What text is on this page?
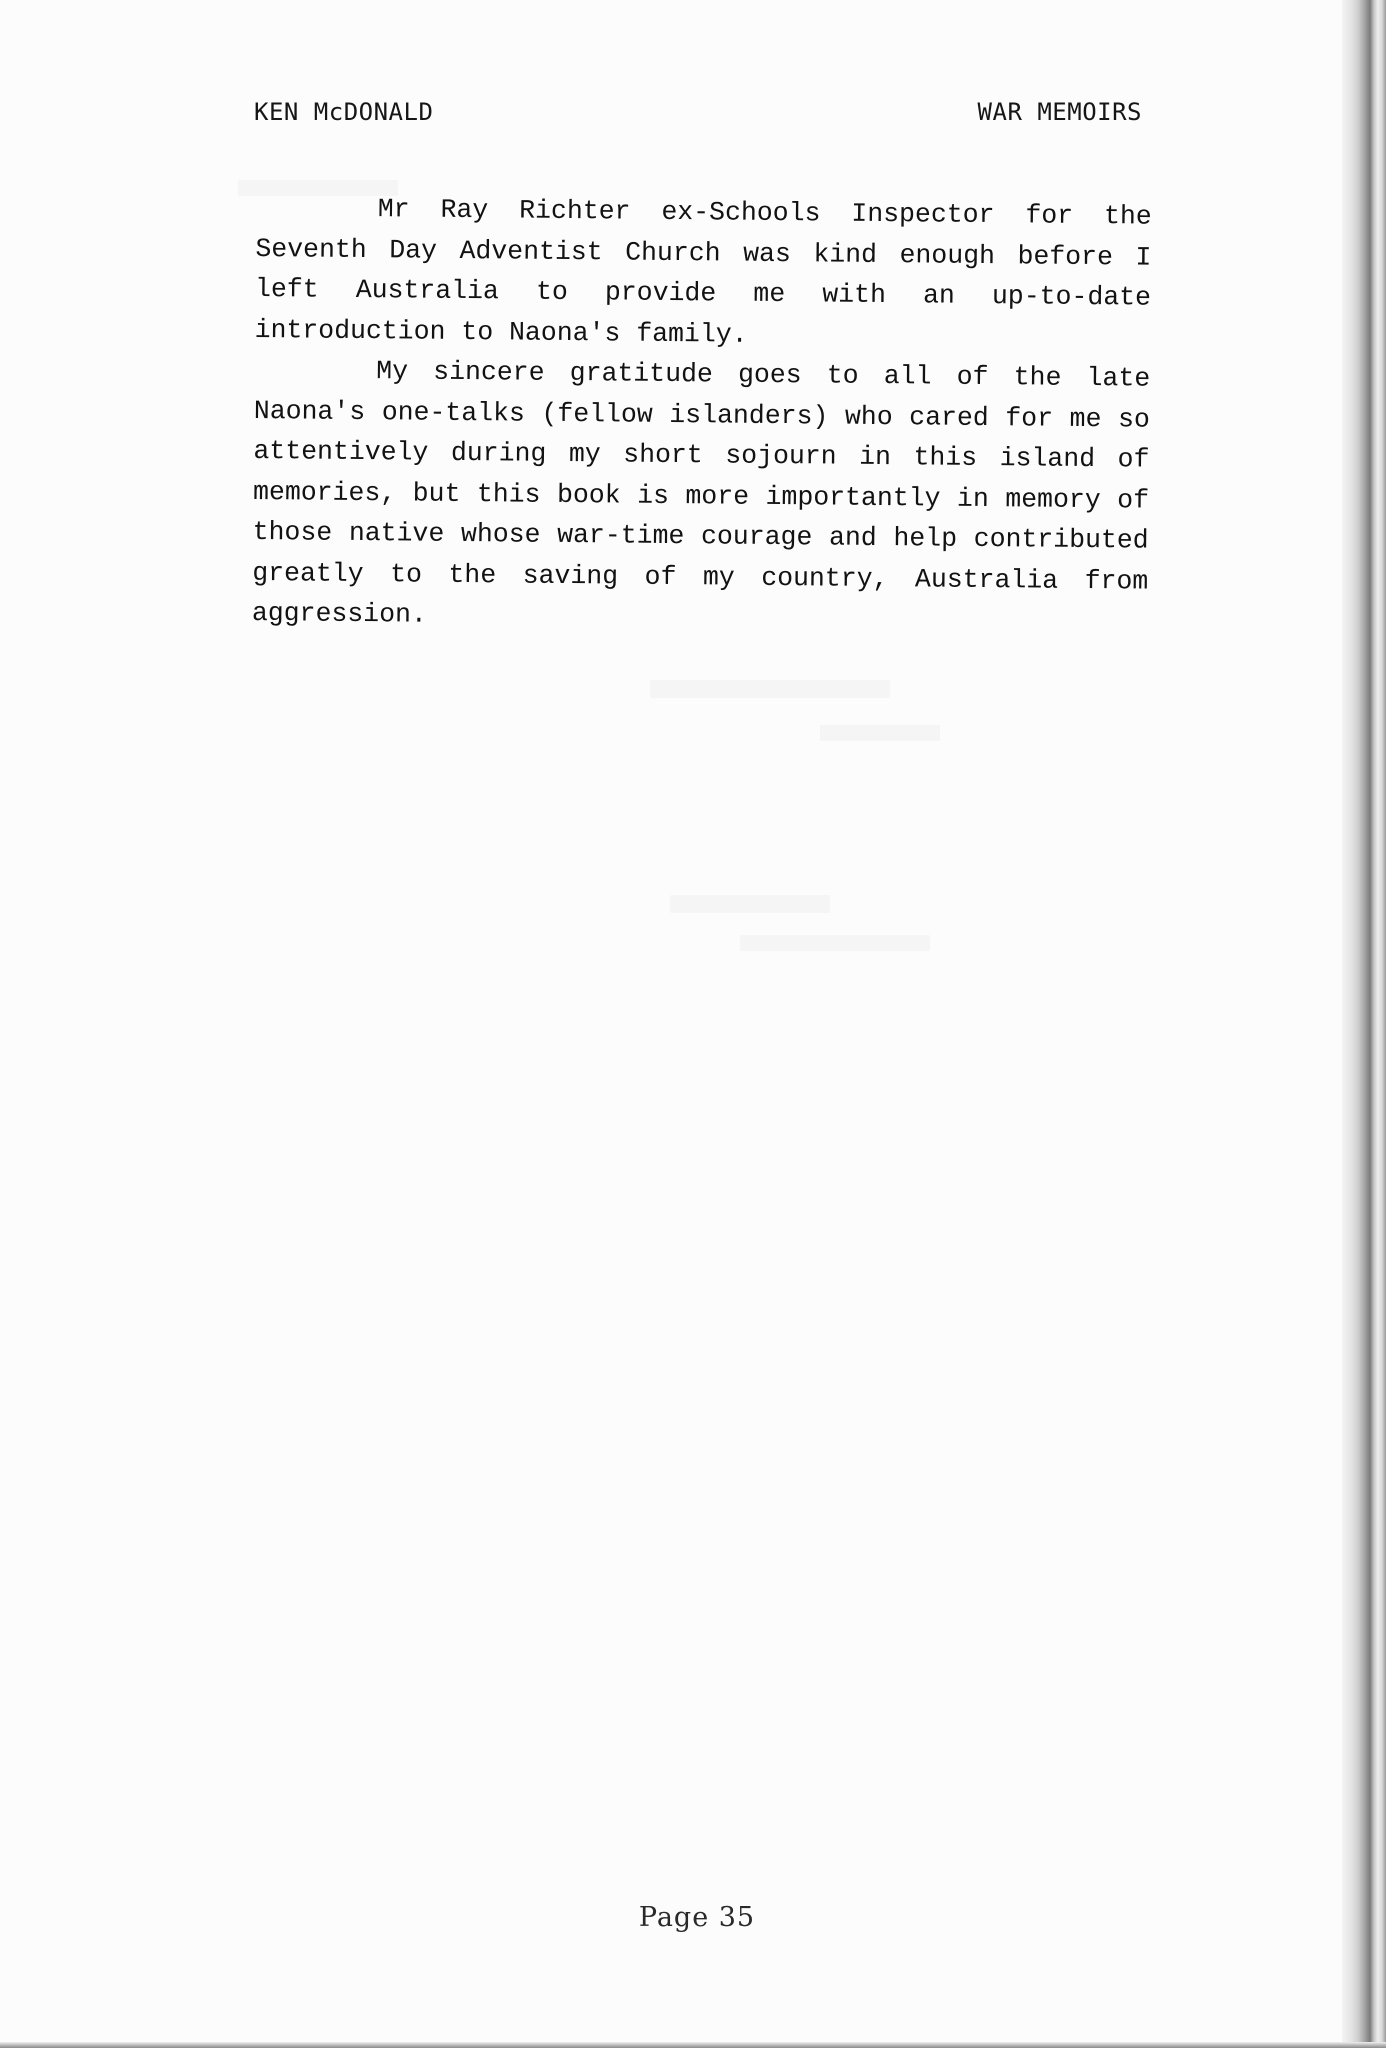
KEN McDONALD	WAR MEMOIRS

Mr Ray Richter ex-Schools Inspector for the Seventh Day Adventist Church was kind enough before I left Australia to provide me with an up-to-date introduction to Naona's family.

My sincere gratitude goes to all of the late Naona's one-talks (fellow islanders) who cared for me so attentively during my short sojourn in this island of memories, but this book is more importantly in memory of those native whose war-time courage and help contributed greatly to the saving of my country, Australia from aggression.

Page 35
